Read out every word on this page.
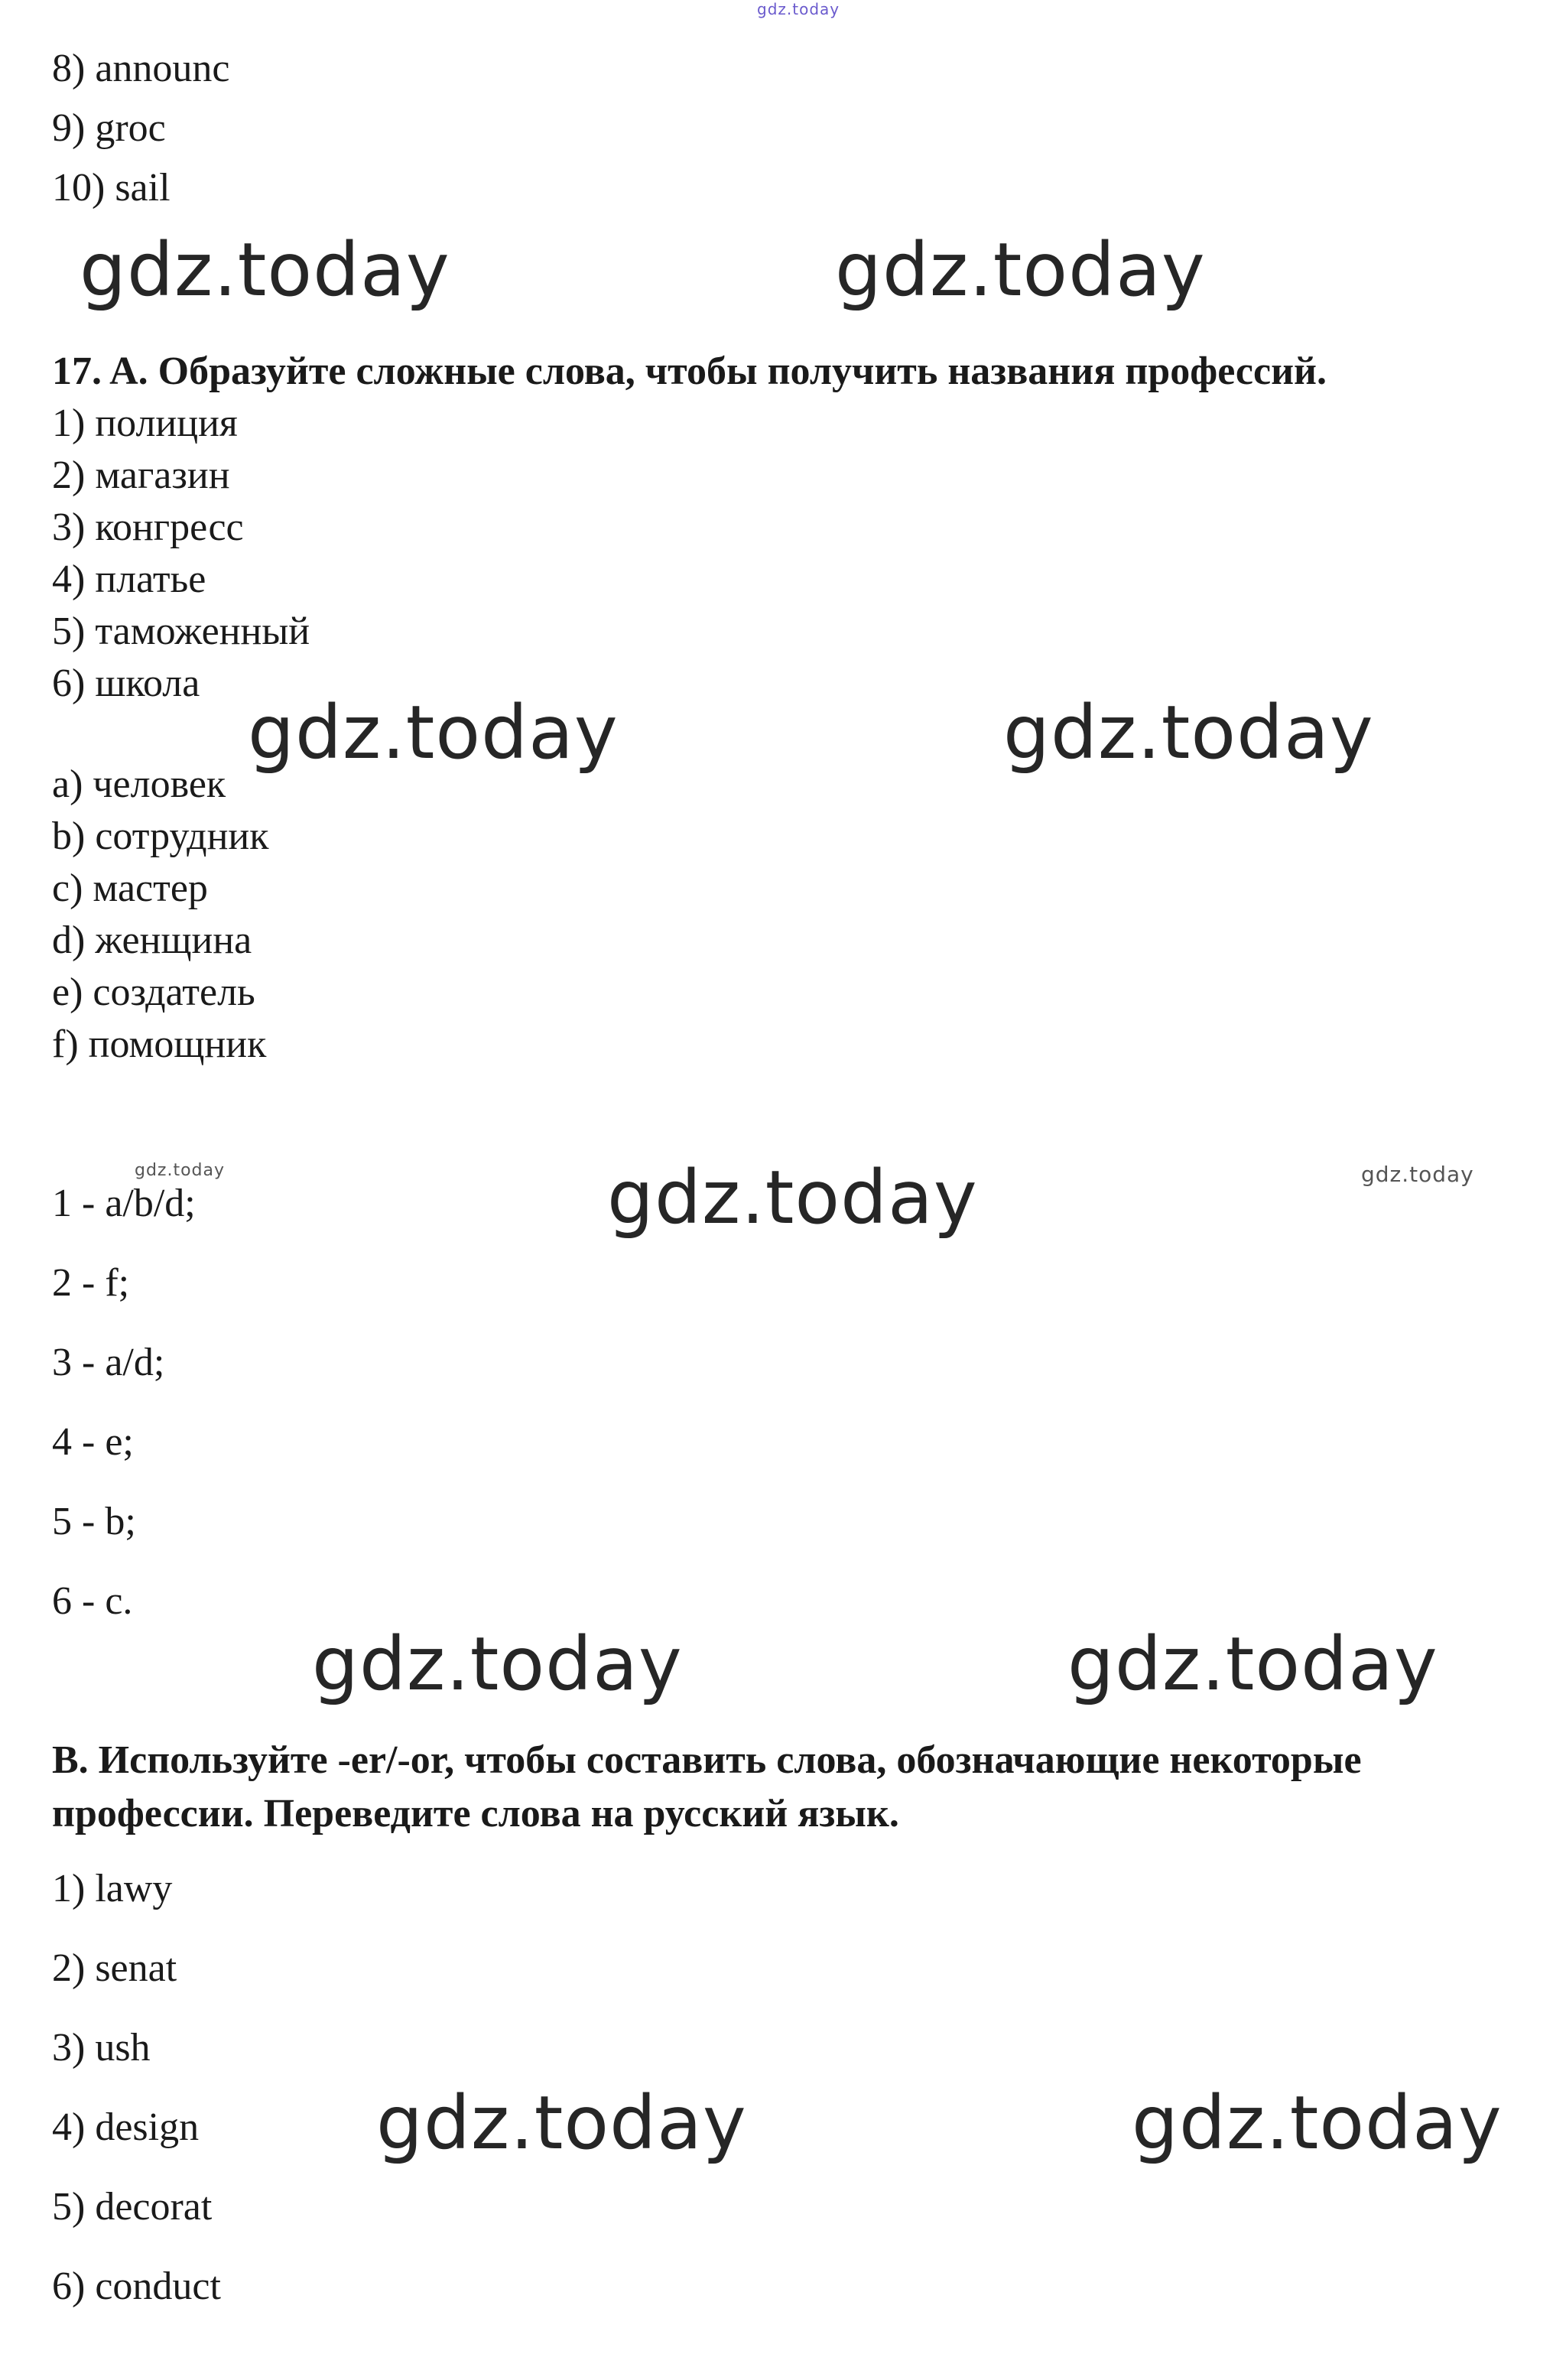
gdz.today
8) announc
9) groc
10) sail
gdz.today	gdz.today
17. A. Образуйте сложные слова, чтобы получить названия профессий.
1) полиция
2) магазин
3) конгресс
4) платье
5) таможенный
6) школа
gdz.today	gdz.today
a) человек
b) сотрудник
c) мастер
d) женщина
e) создатель
f) помощник
gdz.today	gdz.today
gdz.today
1 - a/b/d;
2 - f;
3 - a/d;
4 - e;
5 - b;
6 - c.
gdz.today	gdz.today
B. Используйте -er/-or, чтобы составить слова, обозначающие некоторые
профессии. Переведите слова на русский язык.
1) lawy
2) senat
3) ush
4) design
5) decorat
6) conduct
gdz.today	gdz.today
